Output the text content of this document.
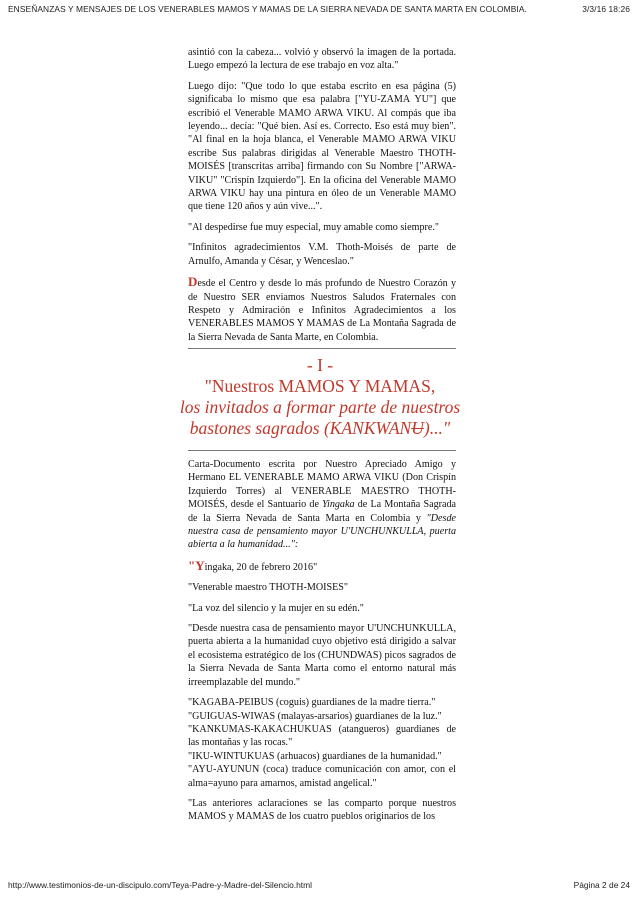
ENSEÑANZAS Y MENSAJES DE LOS VENERABLES MAMOS Y MAMAS DE LA SIERRA NEVADA DE SANTA MARTA EN COLOMBIA.	3/3/16 18:26

asintió con la cabeza... volvió y observó la imagen de la portada. Luego empezó la lectura de ese trabajo en voz alta."

Luego dijo: "Que todo lo que estaba escrito en esa página (5) significaba lo mismo que esa palabra ["YU-ZAMA YU"] que escribió el Venerable MAMO ARWA VIKU. Al compás que iba leyendo... decía: "Qué bien. Así es. Correcto. Eso está muy bien". "Al final en la hoja blanca, el Venerable MAMO ARWA VIKU escribe Sus palabras dirigidas al Venerable Maestro THOTH-MOISÉS [transcritas arriba] firmando con Su Nombre ["ARWA-VIKU" "Crispín Izquierdo"]. En la oficina del Venerable MAMO ARWA VIKU hay una pintura en óleo de un Venerable MAMO que tiene 120 años y aún vive...".

"Al despedirse fue muy especial, muy amable como siempre."

"Infinitos agradecimientos V.M. Thoth-Moisés de parte de Arnulfo, Amanda y César, y Wenceslao."

Desde el Centro y desde lo más profundo de Nuestro Corazón y de Nuestro SER enviamos Nuestros Saludos Fraternales con Respeto y Admiración e Infinitos Agradecimientos a los VENERABLES MAMOS Y MAMAS de La Montaña Sagrada de la Sierra Nevada de Santa Marte, en Colombia.

- I -
"Nuestros MAMOS Y MAMAS,
los invitados a formar parte de nuestros
bastones sagrados (KANKWANU)..."

Carta-Documento escrita por Nuestro Apreciado Amigo y Hermano EL VENERABLE MAMO ARWA VIKU (Don Crispín Izquierdo Torres) al VENERABLE MAESTRO THOTH-MOISÉS, desde el Santuario de Yingaka de La Montaña Sagrada de la Sierra Nevada de Santa Marta en Colombia y "Desde nuestra casa de pensamiento mayor U'UNCHUNKULLA, puerta abierta a la humanidad...":

"Yingaka, 20 de febrero 2016"

"Venerable maestro THOTH-MOISES"

"La voz del silencio y la mujer en su edén."

"Desde nuestra casa de pensamiento mayor U'UNCHUNKULLA, puerta abierta a la humanidad cuyo objetivo está dirigido a salvar el ecosistema estratégico de los (CHUNDWAS) picos sagrados de la Sierra Nevada de Santa Marta como el entorno natural más irreemplazable del mundo."

"KAGABA-PEIBUS (coguis) guardianes de la madre tierra."

"GUIGUAS-WIWAS (malayas-arsarios) guardianes de la luz."

"KANKUMAS-KAKACHUKUAS (atangueros) guardianes de las montañas y las rocas."

"IKU-WINTUKUAS (arhuacos) guardianes de la humanidad."

"AYU-AYUNUN (coca) traduce comunicación con amor, con el alma=ayuno para amarnos, amistad angelical."

"Las anteriores aclaraciones se las comparto porque nuestros MAMOS y MAMAS de los cuatro pueblos originarios de los

http://www.testimonios-de-un-discipulo.com/Teya-Padre-y-Madre-del-Silencio.html	Página 2 de 24
